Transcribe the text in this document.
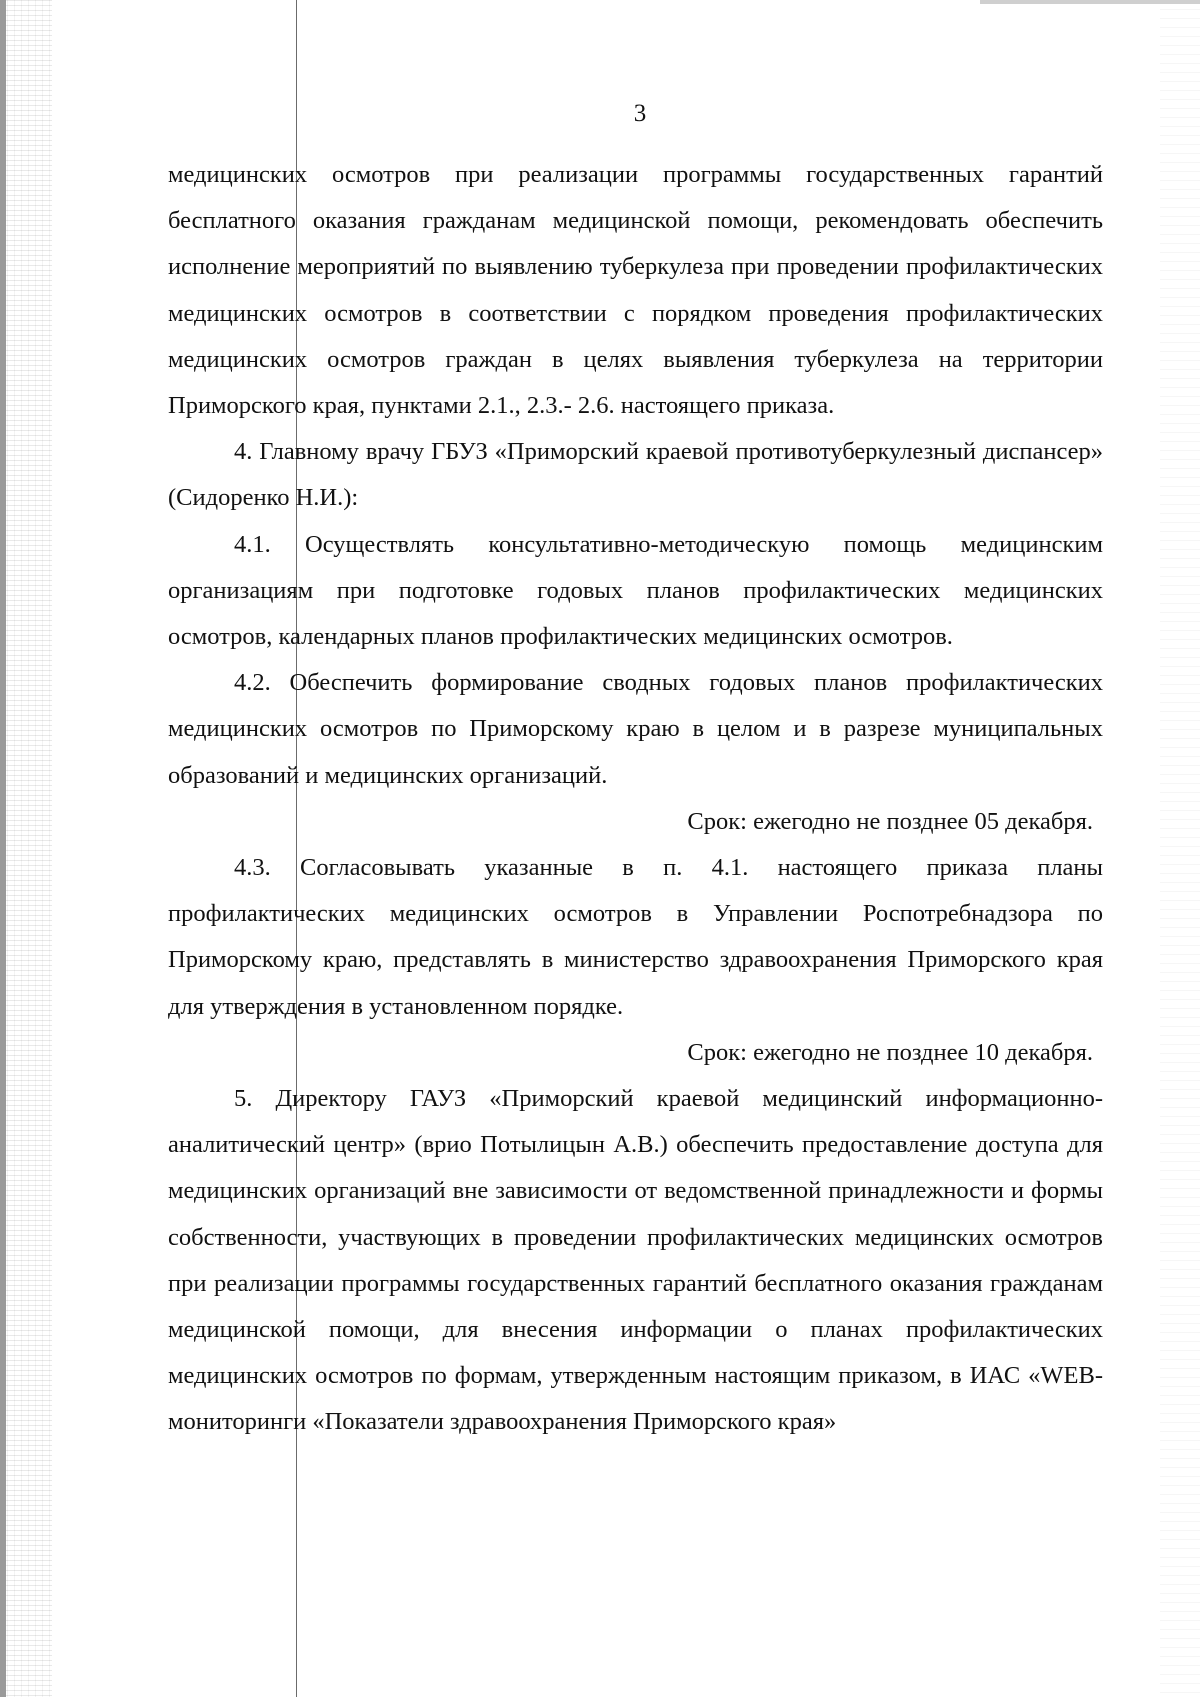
3

медицинских осмотров при реализации программы государственных гарантий бесплатного оказания гражданам медицинской помощи, рекомендовать обеспечить исполнение мероприятий по выявлению туберкулеза при проведении профилактических медицинских осмотров в соответствии с порядком проведения профилактических медицинских осмотров граждан в целях выявления туберкулеза на территории Приморского края, пунктами 2.1., 2.3.- 2.6. настоящего приказа.

4. Главному врачу ГБУЗ «Приморский краевой противотуберкулезный диспансер» (Сидоренко Н.И.):

4.1. Осуществлять консультативно-методическую помощь медицинским организациям при подготовке годовых планов профилактических медицинских осмотров, календарных планов профилактических медицинских осмотров.

4.2. Обеспечить формирование сводных годовых планов профилактических медицинских осмотров по Приморскому краю в целом и в разрезе муниципальных образований и медицинских организаций.

Срок: ежегодно не позднее 05 декабря.

4.3. Согласовывать указанные в п. 4.1. настоящего приказа планы профилактических медицинских осмотров в Управлении Роспотребнадзора по Приморскому краю, представлять в министерство здравоохранения Приморского края для утверждения в установленном порядке.

Срок: ежегодно не позднее 10 декабря.

5. Директору ГАУЗ «Приморский краевой медицинский информационно-аналитический центр» (врио Потылицын А.В.) обеспечить предоставление доступа для медицинских организаций вне зависимости от ведомственной принадлежности и формы собственности, участвующих в проведении профилактических медицинских осмотров при реализации программы государственных гарантий бесплатного оказания гражданам медицинской помощи, для внесения информации о планах профилактических медицинских осмотров по формам, утвержденным настоящим приказом, в ИАС «WEB-мониторинги «Показатели здравоохранения Приморского края»
